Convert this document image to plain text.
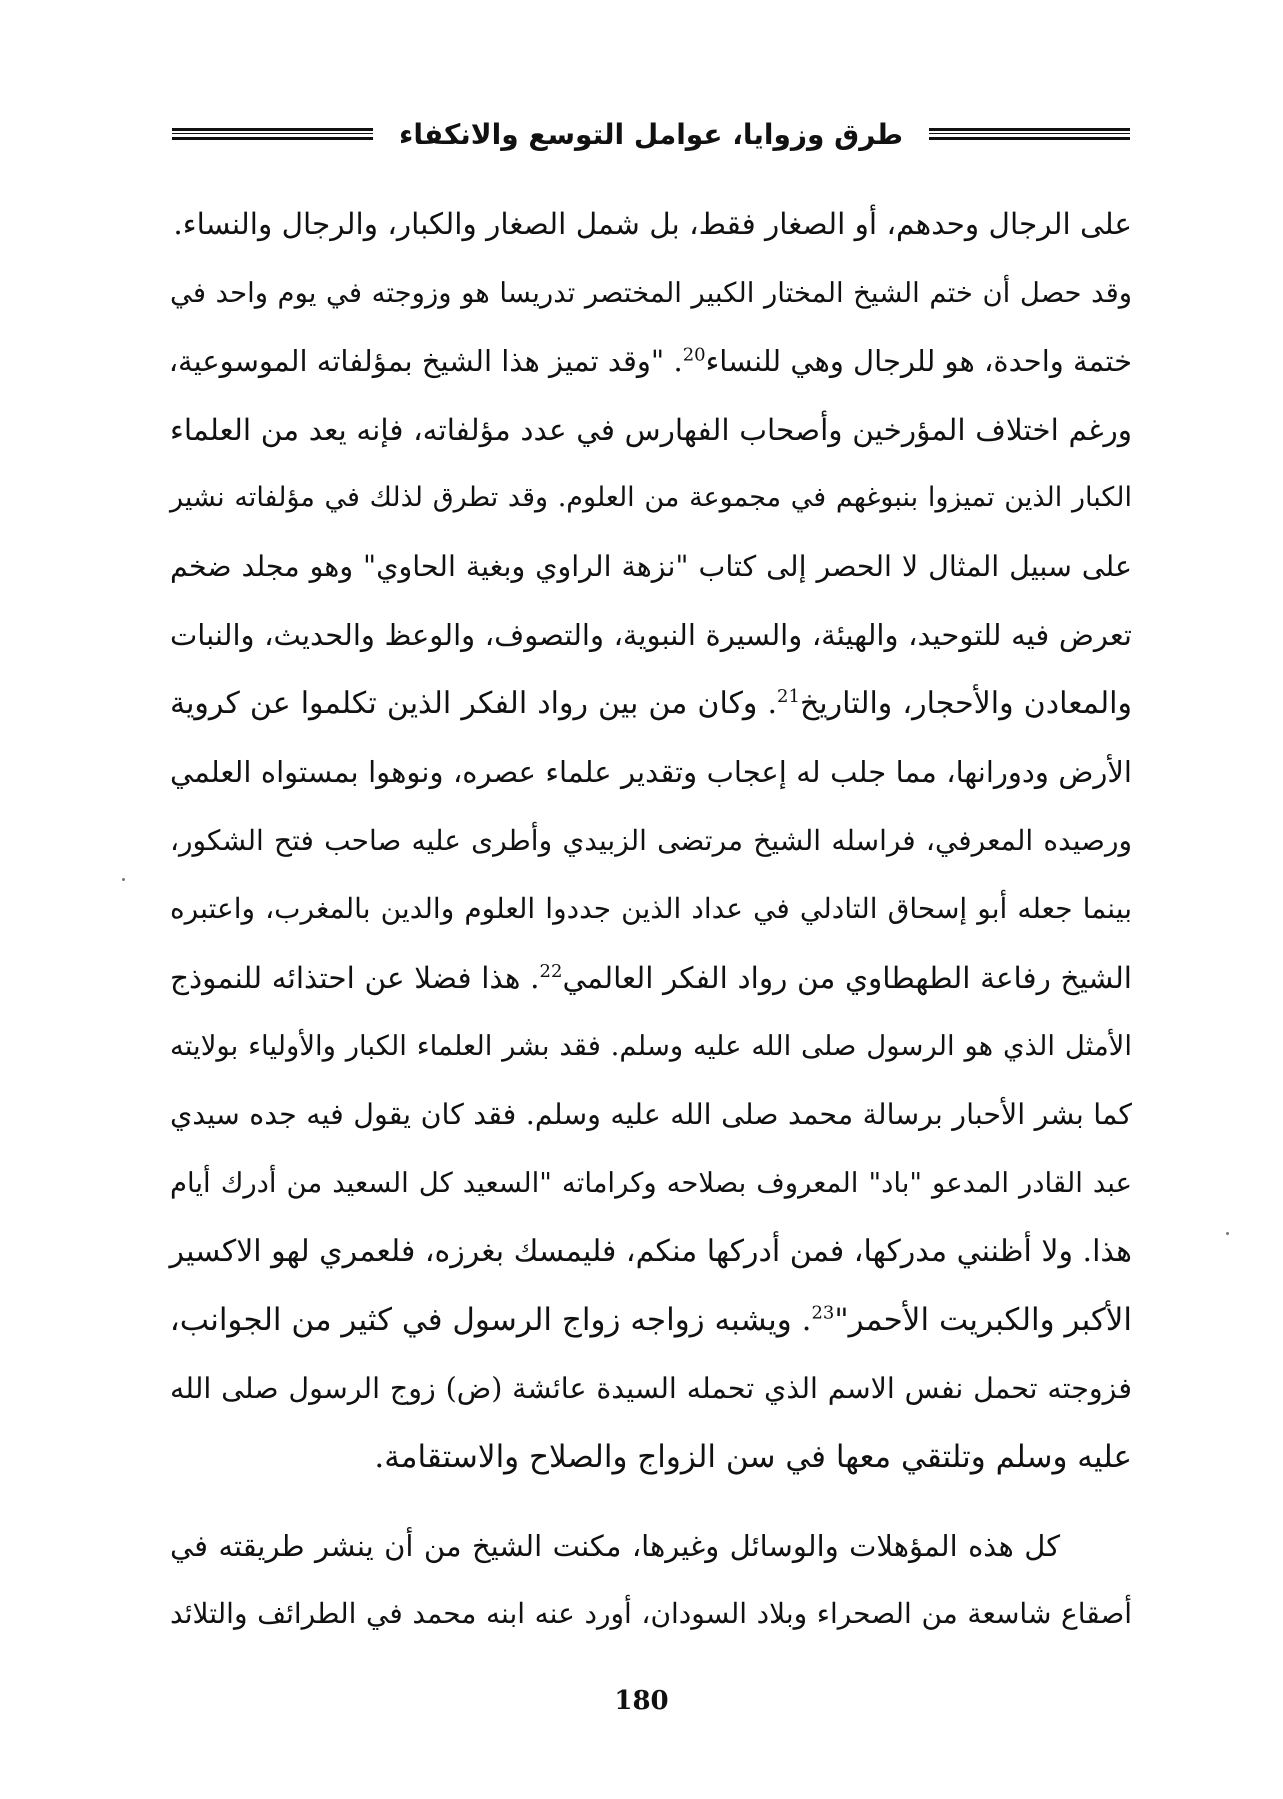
طرق وزوايا، عوامل التوسع والانكفاء
على الرجال وحدهم، أو الصغار فقط، بل شمل الصغار والكبار، والرجال والنساء.
وقد حصل أن ختم الشيخ المختار الكبير المختصر تدريسا هو وزوجته في يوم واحد في
ختمة واحدة، هو للرجال وهي للنساء$^{20}$. "وقد تميز هذا الشيخ بمؤلفاته الموسوعية،
ورغم اختلاف المؤرخين وأصحاب الفهارس في عدد مؤلفاته، فإنه يعد من العلماء
الكبار الذين تميزوا بنبوغهم في مجموعة من العلوم. وقد تطرق لذلك في مؤلفاته نشير
على سبيل المثال لا الحصر إلى كتاب "نزهة الراوي وبغية الحاوي" وهو مجلد ضخم
تعرض فيه للتوحيد، والهيئة، والسيرة النبوية، والتصوف، والوعظ والحديث، والنبات
والمعادن والأحجار، والتاريخ$^{21}$. وكان من بين رواد الفكر الذين تكلموا عن كروية
الأرض ودورانها، مما جلب له إعجاب وتقدير علماء عصره، ونوهوا بمستواه العلمي
ورصيده المعرفي، فراسله الشيخ مرتضى الزبيدي وأطرى عليه صاحب فتح الشكور،
بينما جعله أبو إسحاق التادلي في عداد الذين جددوا العلوم والدين بالمغرب، واعتبره
الشيخ رفاعة الطهطاوي من رواد الفكر العالمي$^{22}$. هذا فضلا عن احتذائه للنموذج
الأمثل الذي هو الرسول صلى الله عليه وسلم. فقد بشر العلماء الكبار والأولياء بولايته
كما بشر الأحبار برسالة محمد صلى الله عليه وسلم. فقد كان يقول فيه جده سيدي
عبد القادر المدعو "باد" المعروف بصلاحه وكراماته "السعيد كل السعيد من أدرك أيام
هذا. ولا أظنني مدركها، فمن أدركها منكم، فليمسك بغرزه، فلعمري لهو الاكسير
الأكبر والكبريت الأحمر"$^{23}$. ويشبه زواجه زواج الرسول في كثير من الجوانب،
فزوجته تحمل نفس الاسم الذي تحمله السيدة عائشة (ض) زوج الرسول صلى الله
عليه وسلم وتلتقي معها في سن الزواج والصلاح والاستقامة.
كل هذه المؤهلات والوسائل وغيرها، مكنت الشيخ من أن ينشر طريقته في
أصقاع شاسعة من الصحراء وبلاد السودان، أورد عنه ابنه محمد في الطرائف والتلائد
180
